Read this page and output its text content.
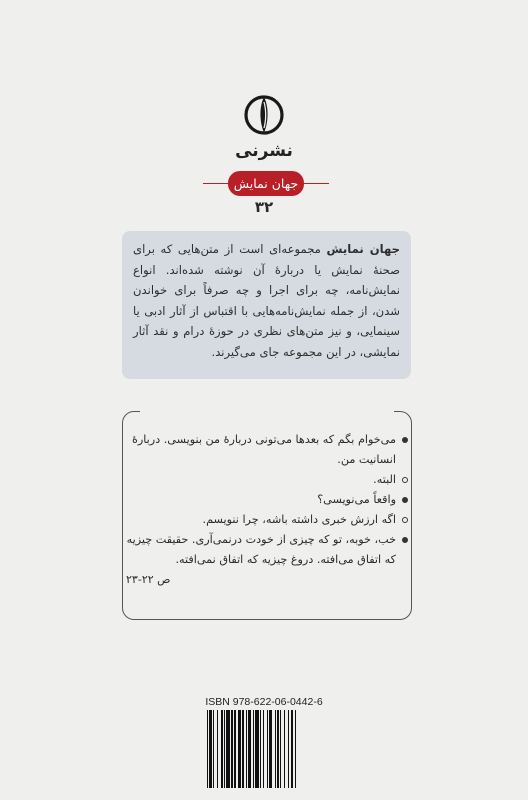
نشرنی
جهان نمایش
۳۲
جهان نمایش مجموعه‌ای است از متن‌هایی که برای صحنهٔ نمایش یا دربارهٔ آن نوشته شده‌اند. انواع نمایش‌نامه، چه برای اجرا و چه صرفاً برای خواندن شدن، از جمله نمایش‌نامه‌هایی با اقتباس از آثار ادبی یا سینمایی، و نیز متن‌های نظری در حوزهٔ درام و نقد آثار نمایشی، در این مجموعه جای می‌گیرند.
می‌خوام بگم که بعدها می‌تونی دربارهٔ من بنویسی. دربارهٔ انسانیت من.
البته.
واقعاً می‌نویسی؟
اگه ارزش خبری داشته باشه، چرا ننویسم.
خب، خوبه، تو که چیزی از خودت درنمی‌آری. حقیقت چیزیه که اتفاق می‌افته. دروغ چیزیه که اتفاق نمی‌افته.
ص ۲۲-۲۳
ISBN 978-622-06-0442-6
